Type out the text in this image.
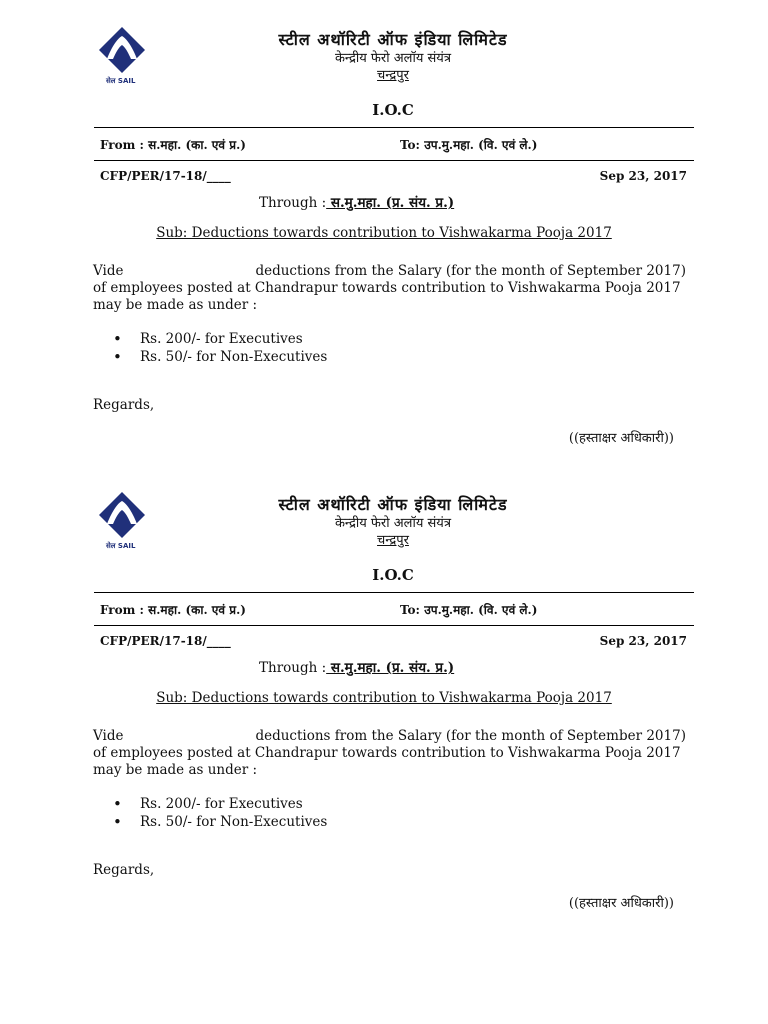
सेल SAIL
स्टील अथॉरिटी ऑफ इंडिया लिमिटेड
केन्द्रीय फेरो अलॉय संयंत्र
चन्द्रपुर
I.O.C
From : स.महा. (का. एवं प्र.)	To: उप.मु.महा. (वि. एवं ले.)
CFP/PER/17-18/____	Sep 23, 2017
Through : स.मु.महा. (प्र. संय. प्र.)
Sub: Deductions towards contribution to Vishwakarma Pooja 2017
Vide	deductions from the Salary (for the month of September 2017) of employees posted at Chandrapur towards contribution to Vishwakarma Pooja 2017 may be made as under :
• Rs. 200/- for Executives
• Rs. 50/- for Non-Executives
Regards,
((हस्ताक्षर अधिकारी))
सेल SAIL
स्टील अथॉरिटी ऑफ इंडिया लिमिटेड
केन्द्रीय फेरो अलॉय संयंत्र
चन्द्रपुर
I.O.C
From : स.महा. (का. एवं प्र.)	To: उप.मु.महा. (वि. एवं ले.)
CFP/PER/17-18/____	Sep 23, 2017
Through : स.मु.महा. (प्र. संय. प्र.)
Sub: Deductions towards contribution to Vishwakarma Pooja 2017
Vide	deductions from the Salary (for the month of September 2017) of employees posted at Chandrapur towards contribution to Vishwakarma Pooja 2017 may be made as under :
• Rs. 200/- for Executives
• Rs. 50/- for Non-Executives
Regards,
((हस्ताक्षर अधिकारी))
